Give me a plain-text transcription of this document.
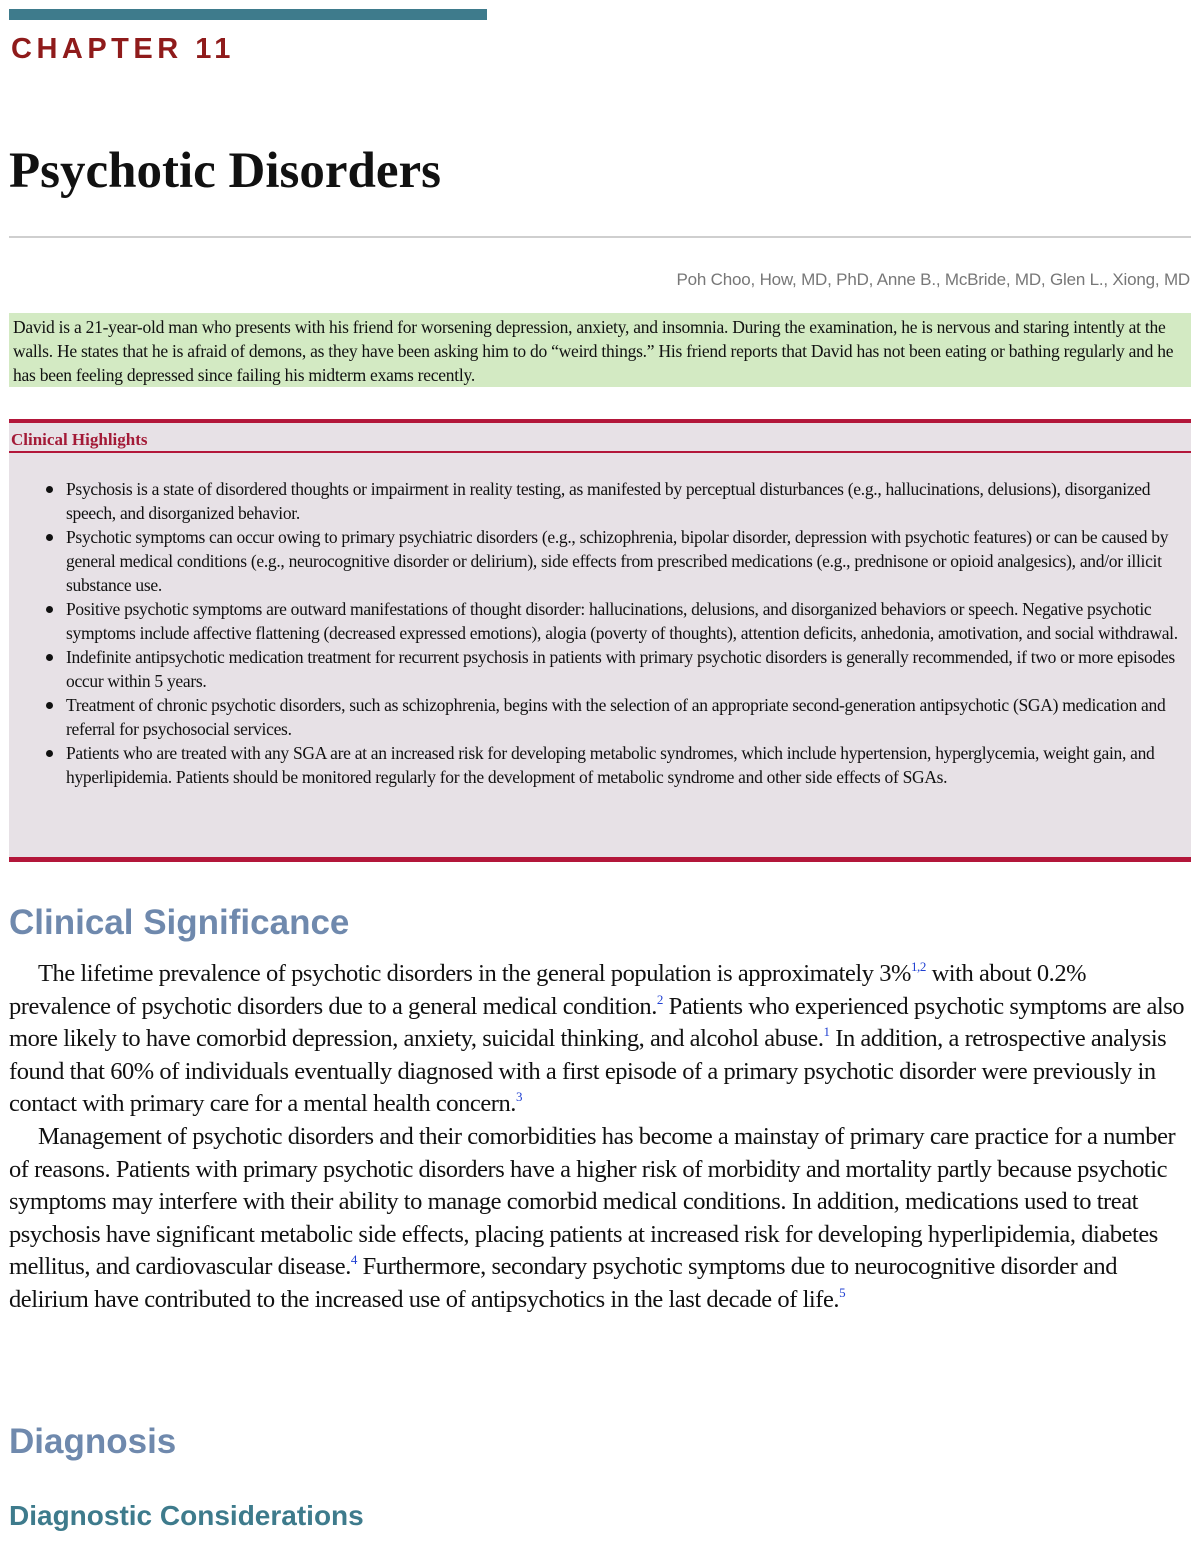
CHAPTER 11
Psychotic Disorders
Poh Choo, How, MD, PhD, Anne B., McBride, MD, Glen L., Xiong, MD
David is a 21-year-old man who presents with his friend for worsening depression, anxiety, and insomnia. During the examination, he is nervous and staring intently at the walls. He states that he is afraid of demons, as they have been asking him to do “weird things.” His friend reports that David has not been eating or bathing regularly and he has been feeling depressed since failing his midterm exams recently.
Clinical Highlights
Psychosis is a state of disordered thoughts or impairment in reality testing, as manifested by perceptual disturbances (e.g., hallucinations, delusions), disorganized speech, and disorganized behavior.
Psychotic symptoms can occur owing to primary psychiatric disorders (e.g., schizophrenia, bipolar disorder, depression with psychotic features) or can be caused by general medical conditions (e.g., neurocognitive disorder or delirium), side effects from prescribed medications (e.g., prednisone or opioid analgesics), and/or illicit substance use.
Positive psychotic symptoms are outward manifestations of thought disorder: hallucinations, delusions, and disorganized behaviors or speech. Negative psychotic symptoms include affective flattening (decreased expressed emotions), alogia (poverty of thoughts), attention deficits, anhedonia, amotivation, and social withdrawal.
Indefinite antipsychotic medication treatment for recurrent psychosis in patients with primary psychotic disorders is generally recommended, if two or more episodes occur within 5 years.
Treatment of chronic psychotic disorders, such as schizophrenia, begins with the selection of an appropriate second-generation antipsychotic (SGA) medication and referral for psychosocial services.
Patients who are treated with any SGA are at an increased risk for developing metabolic syndromes, which include hypertension, hyperglycemia, weight gain, and hyperlipidemia. Patients should be monitored regularly for the development of metabolic syndrome and other side effects of SGAs.
Clinical Significance

The lifetime prevalence of psychotic disorders in the general population is approximately 3%$^{1,2}$ with about 0.2% prevalence of psychotic disorders due to a general medical condition.$^2$ Patients who experienced psychotic symptoms are also more likely to have comorbid depression, anxiety, suicidal thinking, and alcohol abuse.$^1$ In addition, a retrospective analysis found that 60% of individuals eventually diagnosed with a first episode of a primary psychotic disorder were previously in contact with primary care for a mental health concern.$^3$

Management of psychotic disorders and their comorbidities has become a mainstay of primary care practice for a number of reasons. Patients with primary psychotic disorders have a higher risk of morbidity and mortality partly because psychotic symptoms may interfere with their ability to manage comorbid medical conditions. In addition, medications used to treat psychosis have significant metabolic side effects, placing patients at increased risk for developing hyperlipidemia, diabetes mellitus, and cardiovascular disease.$^4$ Furthermore, secondary psychotic symptoms due to neurocognitive disorder and delirium have contributed to the increased use of antipsychotics in the last decade of life.$^5$

Diagnosis
Diagnostic Considerations
